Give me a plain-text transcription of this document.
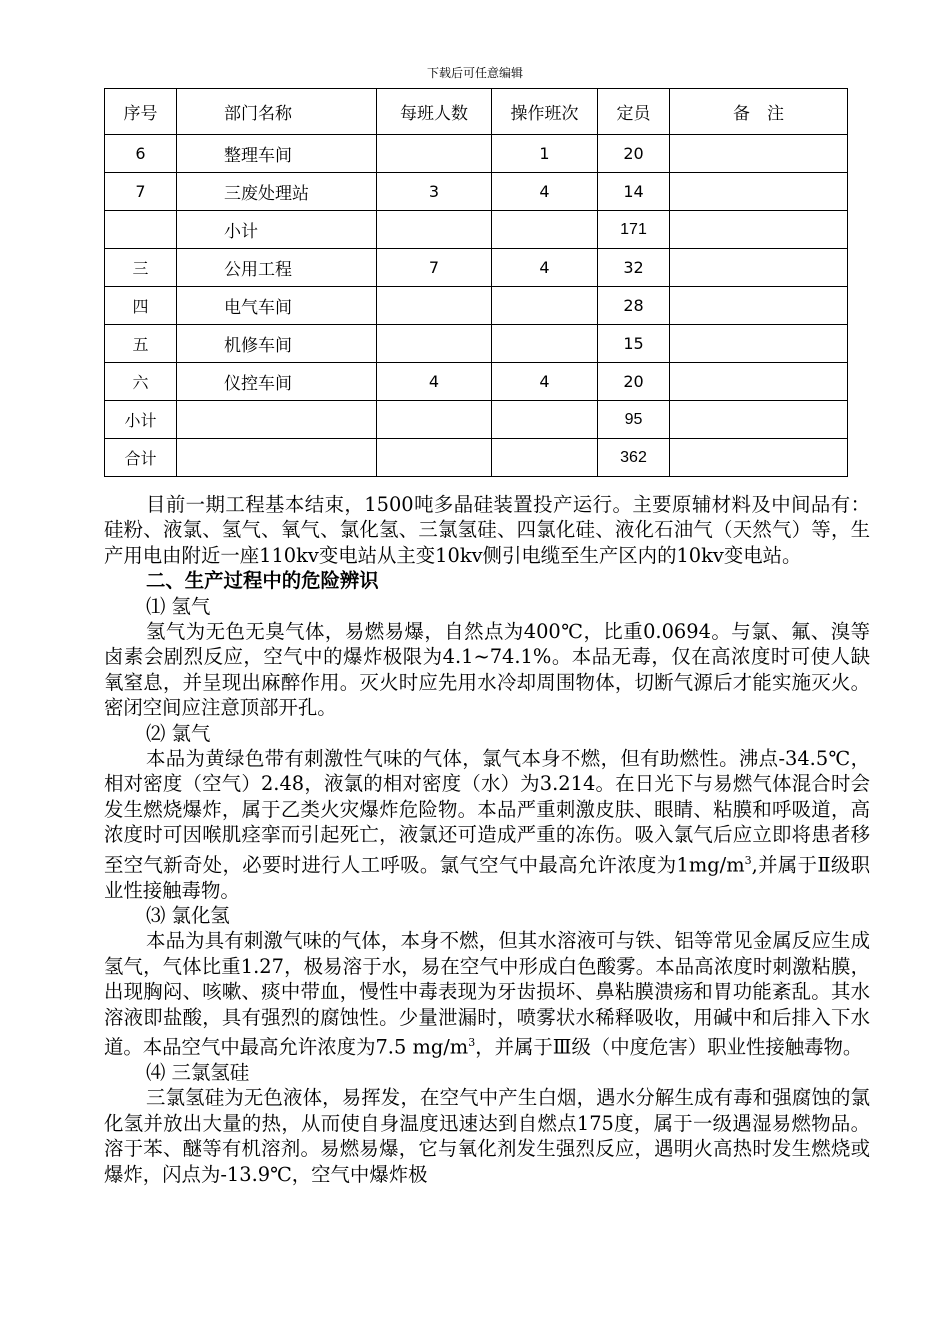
下载后可任意编辑
序号	部门名称	每班人数	操作班次	定员	备　注
6	整理车间		1	20	
7	三废处理站	3	4	14	
	小计			171	
三	公用工程	7	4	32	
四	电气车间			28	
五	机修车间			15	
六	仪控车间	4	4	20	
小计				95	
合计				362	

目前一期工程基本结束，1500吨多晶硅装置投产运行。主要原辅材料及中间品有：硅粉、液氯、氢气、氧气、氯化氢、三氯氢硅、四氯化硅、液化石油气（天然气）等，生产用电由附近一座110kv变电站从主变10kv侧引电缆至生产区内的10kv变电站。

二、生产过程中的危险辨识

⑴ 氢气

氢气为无色无臭气体，易燃易爆，自然点为400℃，比重0.0694。与氯、氟、溴等卤素会剧烈反应，空气中的爆炸极限为4.1~74.1%。本品无毒，仅在高浓度时可使人缺氧窒息，并呈现出麻醉作用。灭火时应先用水冷却周围物体，切断气源后才能实施灭火。密闭空间应注意顶部开孔。

⑵ 氯气

本品为黄绿色带有刺激性气味的气体，氯气本身不燃，但有助燃性。沸点-34.5℃，相对密度（空气）2.48，液氯的相对密度（水）为3.214。在日光下与易燃气体混合时会发生燃烧爆炸，属于乙类火灾爆炸危险物。本品严重刺激皮肤、眼睛、粘膜和呼吸道，高浓度时可因喉肌痉挛而引起死亡，液氯还可造成严重的冻伤。吸入氯气后应立即将患者移至空气新奇处，必要时进行人工呼吸。氯气空气中最高允许浓度为$1mg/m^3$,并属于Ⅱ级职业性接触毒物。

⑶ 氯化氢

本品为具有刺激气味的气体，本身不燃，但其水溶液可与铁、铝等常见金属反应生成氢气，气体比重1.27，极易溶于水，易在空气中形成白色酸雾。本品高浓度时刺激粘膜，出现胸闷、咳嗽、痰中带血，慢性中毒表现为牙齿损坏、鼻粘膜溃疡和胃功能紊乱。其水溶液即盐酸，具有强烈的腐蚀性。少量泄漏时，喷雾状水稀释吸收，用碱中和后排入下水道。本品空气中最高允许浓度为7.5 $mg/m^3$，并属于Ⅲ级（中度危害）职业性接触毒物。

⑷ 三氯氢硅

三氯氢硅为无色液体，易挥发，在空气中产生白烟，遇水分解生成有毒和强腐蚀的氯化氢并放出大量的热，从而使自身温度迅速达到自燃点175度，属于一级遇湿易燃物品。溶于苯、醚等有机溶剂。易燃易爆，它与氧化剂发生强烈反应，遇明火高热时发生燃烧或爆炸，闪点为-13.9℃，空气中爆炸极
